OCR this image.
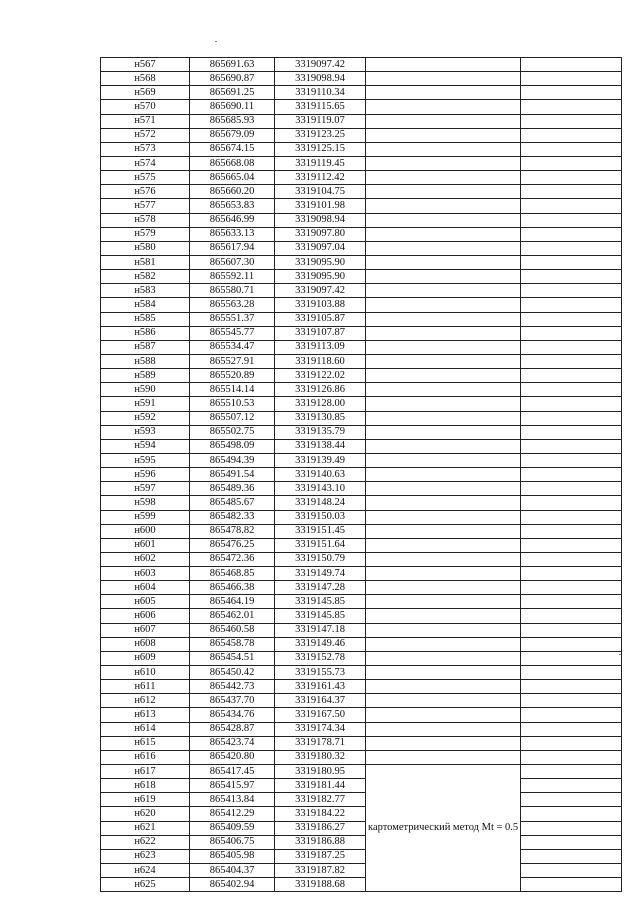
н567	865691.63	3319097.42		
н568	865690.87	3319098.94		
н569	865691.25	3319110.34		
н570	865690.11	3319115.65		
н571	865685.93	3319119.07		
н572	865679.09	3319123.25		
н573	865674.15	3319125.15		
н574	865668.08	3319119.45		
н575	865665.04	3319112.42		
н576	865660.20	3319104.75		
н577	865653.83	3319101.98		
н578	865646.99	3319098.94		
н579	865633.13	3319097.80		
н580	865617.94	3319097.04		
н581	865607.30	3319095.90		
н582	865592.11	3319095.90		
н583	865580.71	3319097.42		
н584	865563.28	3319103.88		
н585	865551.37	3319105.87		
н586	865545.77	3319107.87		
н587	865534.47	3319113.09		
н588	865527.91	3319118.60		
н589	865520.89	3319122.02		
н590	865514.14	3319126.86		
н591	865510.53	3319128.00		
н592	865507.12	3319130.85		
н593	865502.75	3319135.79		
н594	865498.09	3319138.44		
н595	865494.39	3319139.49		
н596	865491.54	3319140.63		
н597	865489.36	3319143.10		
н598	865485.67	3319148.24		
н599	865482.33	3319150.03		
н600	865478.82	3319151.45		
н601	865476.25	3319151.64		
н602	865472.36	3319150.79		
н603	865468.85	3319149.74		
н604	865466.38	3319147.28		
н605	865464.19	3319145.85		
н606	865462.01	3319145.85		
н607	865460.58	3319147.18		
н608	865458.78	3319149.46		
н609	865454.51	3319152.78		
н610	865450.42	3319155.73		
н611	865442.73	3319161.43		
н612	865437.70	3319164.37		
н613	865434.76	3319167.50		
н614	865428.87	3319174.34		
н615	865423.74	3319178.71		
н616	865420.80	3319180.32		
н617	865417.45	3319180.95	картометрический метод Mt = 0.5	

н618	865415.97	3319181.44		
н619	865413.84	3319182.77		
н620	865412.29	3319184.22		
н621	865409.59	3319186.27		
н622	865406.75	3319186.88		
н623	865405.98	3319187.25		
н624	865404.37	3319187.82		
н625	865402.94	3319188.68		
